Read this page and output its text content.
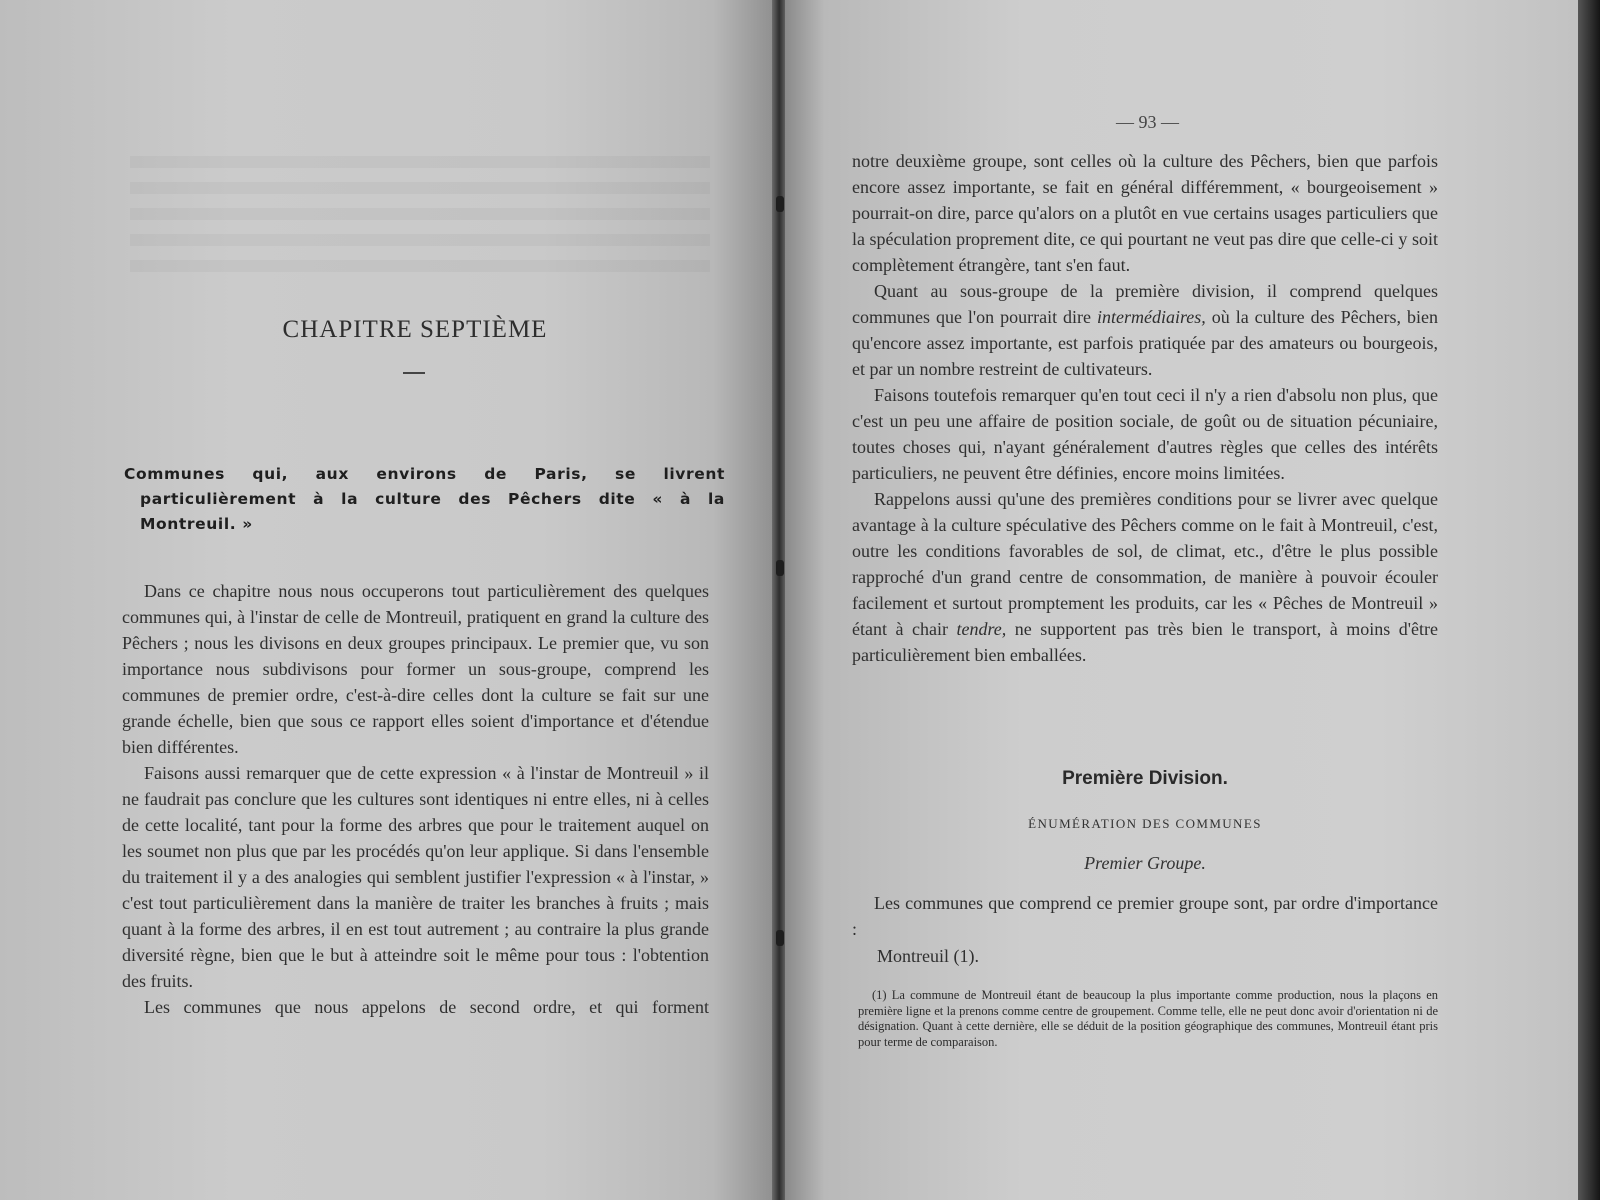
CHAPITRE SEPTIÈME
Communes qui, aux environs de Paris, se livrent particulièrement à la culture des Pêchers dite « à la Montreuil. »

Dans ce chapitre nous nous occuperons tout particulièrement des quelques communes qui, à l'instar de celle de Montreuil, pratiquent en grand la culture des Pêchers ; nous les divisons en deux groupes principaux. Le premier que, vu son importance nous subdivisons pour former un sous-groupe, comprend les communes de premier ordre, c'est-à-dire celles dont la culture se fait sur une grande échelle, bien que sous ce rapport elles soient d'importance et d'étendue bien différentes.

Faisons aussi remarquer que de cette expression « à l'instar de Montreuil » il ne faudrait pas conclure que les cultures sont identiques ni entre elles, ni à celles de cette localité, tant pour la forme des arbres que pour le traitement auquel on les soumet non plus que par les procédés qu'on leur applique. Si dans l'ensemble du traitement il y a des analogies qui semblent justifier l'expression « à l'instar, » c'est tout particulièrement dans la manière de traiter les branches à fruits ; mais quant à la forme des arbres, il en est tout autrement ; au contraire la plus grande diversité règne, bien que le but à atteindre soit le même pour tous : l'obtention des fruits.

Les communes que nous appelons de second ordre, et qui forment

— 93 —

notre deuxième groupe, sont celles où la culture des Pêchers, bien que parfois encore assez importante, se fait en général différemment, « bourgeoisement » pourrait-on dire, parce qu'alors on a plutôt en vue certains usages particuliers que la spéculation proprement dite, ce qui pourtant ne veut pas dire que celle-ci y soit complètement étrangère, tant s'en faut.

Quant au sous-groupe de la première division, il comprend quelques communes que l'on pourrait dire intermédiaires, où la culture des Pêchers, bien qu'encore assez importante, est parfois pratiquée par des amateurs ou bourgeois, et par un nombre restreint de cultivateurs.

Faisons toutefois remarquer qu'en tout ceci il n'y a rien d'absolu non plus, que c'est un peu une affaire de position sociale, de goût ou de situation pécuniaire, toutes choses qui, n'ayant généralement d'autres règles que celles des intérêts particuliers, ne peuvent être définies, encore moins limitées.

Rappelons aussi qu'une des premières conditions pour se livrer avec quelque avantage à la culture spéculative des Pêchers comme on le fait à Montreuil, c'est, outre les conditions favorables de sol, de climat, etc., d'être le plus possible rapproché d'un grand centre de consommation, de manière à pouvoir écouler facilement et surtout promptement les produits, car les « Pêches de Montreuil » étant à chair tendre, ne supportent pas très bien le transport, à moins d'être particulièrement bien emballées.

Première Division.
ÉNUMÉRATION DES COMMUNES
Premier Groupe.

Les communes que comprend ce premier groupe sont, par ordre d'importance :

Montreuil (1).
(1) La commune de Montreuil étant de beaucoup la plus importante comme production, nous la plaçons en première ligne et la prenons comme centre de groupement. Comme telle, elle ne peut donc avoir d'orientation ni de désignation. Quant à cette dernière, elle se déduit de la position géographique des communes, Montreuil étant pris pour terme de comparaison.
